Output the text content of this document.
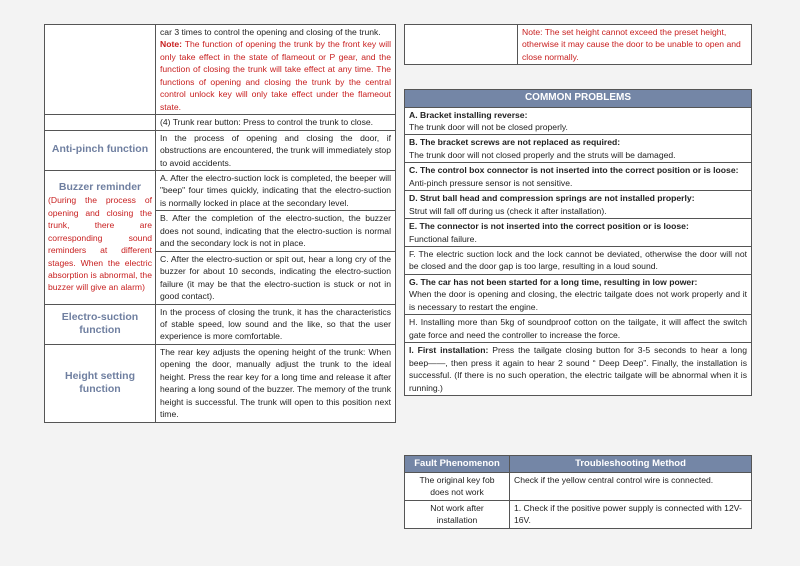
	car 3 times to control the opening and closing of the trunk.
Note: The function of opening the trunk by the front key will only take effect in the state of flameout or P gear, and the function of closing the trunk will take effect at any time. The functions of opening and closing the trunk by the central control unlock key will only take effect under the flameout state.

	(4) Trunk rear button: Press to control the trunk to close.

Anti-pinch function	In the process of opening and closing the door, if obstructions are encountered, the trunk will immediately stop to avoid accidents.

Buzzer reminder
(During the process of opening and closing the trunk, there are corresponding sound reminders at different stages. When the electric absorption is abnormal, the buzzer will give an alarm)	A. After the electro-suction lock is completed, the beeper will "beep" four times quickly, indicating that the electro-suction is normally locked in place at the secondary level.
	B. After the completion of the electro-suction, the buzzer does not sound, indicating that the electro-suction is normal and the secondary lock is not in place.
	C. After the electro-suction or spit out, hear a long cry of the buzzer for about 10 seconds, indicating the electro-suction failure (it may be that the electro-suction is stuck or not in good contact).

Electro-suction function	In the process of closing the trunk, it has the characteristics of stable speed, low sound and the like, so that the user experience is more comfortable.

Height setting function	The rear key adjusts the opening height of the trunk: When opening the door, manually adjust the trunk to the ideal height. Press the rear key for a long time and release it after hearing a long sound of the buzzer. The memory of the trunk height is successful. The trunk will open to this position next time.
	Note: The set height cannot exceed the preset height, otherwise it may cause the door to be unable to open and close normally.
COMMON PROBLEMS
A. Bracket installing reverse:
The trunk door will not be closed properly.
B. The bracket screws are not replaced as required:
The trunk door will not closed properly and the struts will be damaged.
C. The control box connector is not inserted into the correct position or is loose:
Anti-pinch pressure sensor is not sensitive.
D. Strut ball head and compression springs are not installed properly:
Strut will fall off during us (check it after installation).
E. The connector is not inserted into the correct position or is loose:
Functional failure.
F. The electric suction lock and the lock cannot be deviated, otherwise the door will not be closed and the door gap is too large, resulting in a loud sound.
G. The car has not been started for a long time, resulting in low power:
When the door is opening and closing, the electric tailgate does not work properly and it is necessary to restart the engine.
H. Installing more than 5kg of soundproof cotton on the tailgate, it will affect the switch gate force and need the controller to increase the force.
I. First installation: Press the tailgate closing button for 3-5 seconds to hear a long beep——, then press it again to hear 2 sound “ Deep Deep”. Finally, the installation is successful. (If there is no such operation, the electric tailgate will be abnormal when it is running.)
Fault Phenomenon	Troubleshooting Method
The original key fob does not work	Check if the yellow central control wire is connected.
Not work after installation	1. Check if the positive power supply is connected with 12V-16V.
